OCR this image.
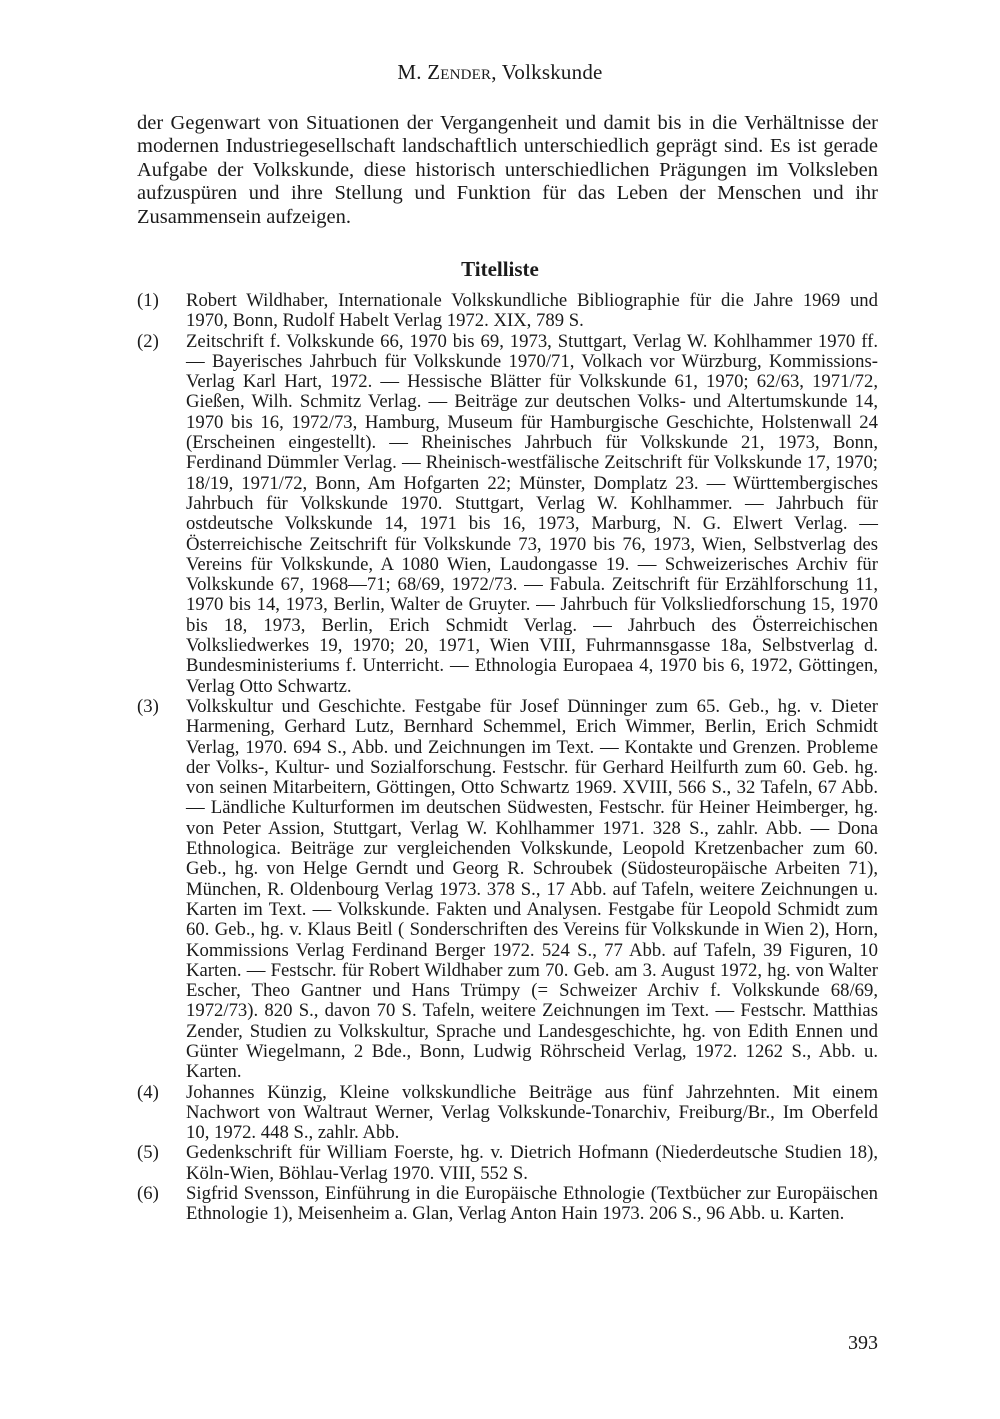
M. Zender, Volkskunde

der Gegenwart von Situationen der Vergangenheit und damit bis in die Verhältnisse der modernen Industriegesellschaft landschaftlich unterschiedlich geprägt sind. Es ist gerade Aufgabe der Volkskunde, diese historisch unterschiedlichen Prägungen im Volksleben aufzuspüren und ihre Stellung und Funktion für das Leben der Menschen und ihr Zusammensein aufzeigen.

Titelliste

(1) Robert Wildhaber, Internationale Volkskundliche Bibliographie für die Jahre 1969 und 1970, Bonn, Rudolf Habelt Verlag 1972. XIX, 789 S.

(2) Zeitschrift f. Volkskunde 66, 1970 bis 69, 1973, Stuttgart, Verlag W. Kohlhammer 1970 ff. — Bayerisches Jahrbuch für Volkskunde 1970/71, Volkach vor Würzburg, Kommissions-Verlag Karl Hart, 1972. — Hessische Blätter für Volkskunde 61, 1970; 62/63, 1971/72, Gießen, Wilh. Schmitz Verlag. — Beiträge zur deutschen Volks- und Altertumskunde 14, 1970 bis 16, 1972/73, Hamburg, Museum für Hamburgische Geschichte, Holstenwall 24 (Erscheinen eingestellt). — Rheinisches Jahrbuch für Volkskunde 21, 1973, Bonn, Ferdinand Dümmler Verlag. — Rheinisch-westfälische Zeitschrift für Volkskunde 17, 1970; 18/19, 1971/72, Bonn, Am Hofgarten 22; Münster, Domplatz 23. — Württembergisches Jahrbuch für Volkskunde 1970. Stuttgart, Verlag W. Kohlhammer. — Jahrbuch für ostdeutsche Volkskunde 14, 1971 bis 16, 1973, Marburg, N. G. Elwert Verlag. — Österreichische Zeitschrift für Volkskunde 73, 1970 bis 76, 1973, Wien, Selbstverlag des Vereins für Volkskunde, A 1080 Wien, Laudongasse 19. — Schweizerisches Archiv für Volkskunde 67, 1968—71; 68/69, 1972/73. — Fabula. Zeitschrift für Erzählforschung 11, 1970 bis 14, 1973, Berlin, Walter de Gruyter. — Jahrbuch für Volksliedforschung 15, 1970 bis 18, 1973, Berlin, Erich Schmidt Verlag. — Jahrbuch des Österreichischen Volksliedwerkes 19, 1970; 20, 1971, Wien VIII, Fuhrmannsgasse 18a, Selbstverlag d. Bundesministeriums f. Unterricht. — Ethnologia Europaea 4, 1970 bis 6, 1972, Göttingen, Verlag Otto Schwartz.

(3) Volkskultur und Geschichte. Festgabe für Josef Dünninger zum 65. Geb., hg. v. Dieter Harmening, Gerhard Lutz, Bernhard Schemmel, Erich Wimmer, Berlin, Erich Schmidt Verlag, 1970. 694 S., Abb. und Zeichnungen im Text. — Kontakte und Grenzen. Probleme der Volks-, Kultur- und Sozialforschung. Festschr. für Gerhard Heilfurth zum 60. Geb. hg. von seinen Mitarbeitern, Göttingen, Otto Schwartz 1969. XVIII, 566 S., 32 Tafeln, 67 Abb. — Ländliche Kulturformen im deutschen Südwesten, Festschr. für Heiner Heimberger, hg. von Peter Assion, Stuttgart, Verlag W. Kohlhammer 1971. 328 S., zahlr. Abb. — Dona Ethnologica. Beiträge zur vergleichenden Volkskunde, Leopold Kretzenbacher zum 60. Geb., hg. von Helge Gerndt und Georg R. Schroubek (Südosteuropäische Arbeiten 71), München, R. Oldenbourg Verlag 1973. 378 S., 17 Abb. auf Tafeln, weitere Zeichnungen u. Karten im Text. — Volkskunde. Fakten und Analysen. Festgabe für Leopold Schmidt zum 60. Geb., hg. v. Klaus Beitl ( Sonderschriften des Vereins für Volkskunde in Wien 2), Horn, Kommissions Verlag Ferdinand Berger 1972. 524 S., 77 Abb. auf Tafeln, 39 Figuren, 10 Karten. — Festschr. für Robert Wildhaber zum 70. Geb. am 3. August 1972, hg. von Walter Escher, Theo Gantner und Hans Trümpy (= Schweizer Archiv f. Volkskunde 68/69, 1972/73). 820 S., davon 70 S. Tafeln, weitere Zeichnungen im Text. — Festschr. Matthias Zender, Studien zu Volkskultur, Sprache und Landesgeschichte, hg. von Edith Ennen und Günter Wiegelmann, 2 Bde., Bonn, Ludwig Röhrscheid Verlag, 1972. 1262 S., Abb. u. Karten.

(4) Johannes Künzig, Kleine volkskundliche Beiträge aus fünf Jahrzehnten. Mit einem Nachwort von Waltraut Werner, Verlag Volkskunde-Tonarchiv, Freiburg/Br., Im Oberfeld 10, 1972. 448 S., zahlr. Abb.

(5) Gedenkschrift für William Foerste, hg. v. Dietrich Hofmann (Niederdeutsche Studien 18), Köln-Wien, Böhlau-Verlag 1970. VIII, 552 S.

(6) Sigfrid Svensson, Einführung in die Europäische Ethnologie (Textbücher zur Europäischen Ethnologie 1), Meisenheim a. Glan, Verlag Anton Hain 1973. 206 S., 96 Abb. u. Karten.

393
